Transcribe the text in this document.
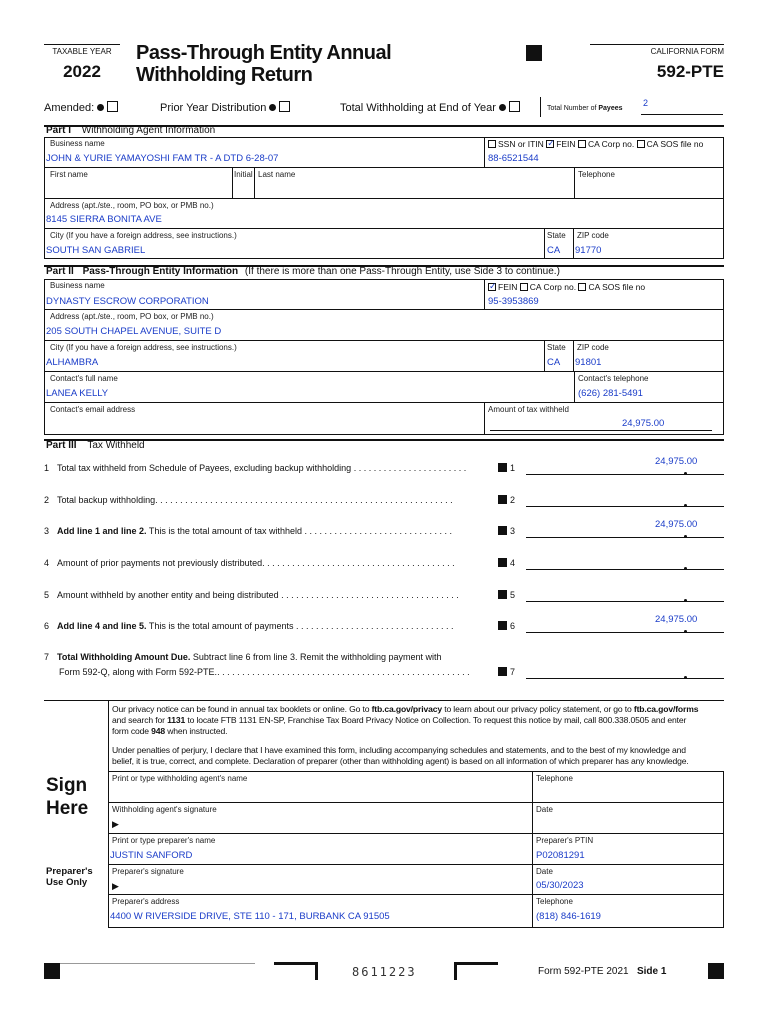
TAXABLE YEAR
2022
Pass-Through Entity Annual
Withholding Return
CALIFORNIA FORM
592-PTE
Amended:	Prior Year Distribution	Total Withholding at End of Year	Total Number of Payees
2
Part I Withholding Agent Information
Business name
JOHN & YURIE YAMAYOSHI FAM TR - A DTD 6-28-07
SSN or ITIN ✓ FEIN CA Corp no. CA SOS file no
88-6521544
First name	Initial Last name	Telephone
Address (apt./ste., room, PO box, or PMB no.)
8145 SIERRA BONITA AVE
City (If you have a foreign address, see instructions.)
SOUTH SAN GABRIEL
State
CA
ZIP code
91770
Part II Pass-Through Entity Information (If there is more than one Pass-Through Entity, use Side 3 to continue.)
Business name
DYNASTY ESCROW CORPORATION
✓FEIN CA Corp no. CA SOS file no
95-3953869
Address (apt./ste., room, PO box, or PMB no.)
205 SOUTH CHAPEL AVENUE, SUITE D
City (If you have a foreign address, see instructions.)
ALHAMBRA
State
CA
ZIP code
91801
Contact's full name
LANEA KELLY
Contact's telephone
(626) 281-5491
Contact's email address	Amount of tax withheld
24,975.00
Part III Tax Withheld
1 Total tax withheld from Schedule of Payees, excluding backup withholding . . . . . . . . . . . . . . . . . . . . . . .	1
24,975.00
2 Total backup withholding. . . . . . . . . . . . . . . . . . . . . . . . . . . . . . . . . . . . . . . . . . . . . . . . . . . . . . . . . . . .	2
3 Add line 1 and line 2. This is the total amount of tax withheld . . . . . . . . . . . . . . . . . . . . . . . . . . . . . .	3
24,975.00
4 Amount of prior payments not previously distributed. . . . . . . . . . . . . . . . . . . . . . . . . . . . . . . . . . . . . . .	4
5 Amount withheld by another entity and being distributed . . . . . . . . . . . . . . . . . . . . . . . . . . . . . . . . . . . .	5
6 Add line 4 and line 5. This is the total amount of payments . . . . . . . . . . . . . . . . . . . . . . . . . . . . . . . .	6
24,975.00
7 Total Withholding Amount Due. Subtract line 6 from line 3. Remit the withholding payment with
Form 592-Q, along with Form 592-PTE.. . . . . . . . . . . . . . . . . . . . . . . . . . . . . . . . . . . . . . . . . . . . . . . . . . .	7
Our privacy notice can be found in annual tax booklets or online. Go to ftb.ca.gov/privacy to learn about our privacy policy statement, or go to ftb.ca.gov/forms
and search for 1131 to locate FTB 1131 EN-SP, Franchise Tax Board Privacy Notice on Collection. To request this notice by mail, call 800.338.0505 and enter
form code 948 when instructed.
Under penalties of perjury, I declare that I have examined this form, including accompanying schedules and statements, and to the best of my knowledge and
belief, it is true, correct, and complete. Declaration of preparer (other than withholding agent) is based on all information of which preparer has any knowledge.
Sign
Here
Preparer's
Use Only
Print or type withholding agent's name	Telephone
Withholding agent's signature
▶
Date
Print or type preparer's name
JUSTIN SANFORD
Preparer's PTIN
P02081291
Preparer's signature
▶
Date
05/30/2023
Preparer's address
4400 W RIVERSIDE DRIVE, STE 110 - 171, BURBANK CA 91505
Telephone
(818) 846-1619
8611223	Form 592-PTE 2021 Side 1
